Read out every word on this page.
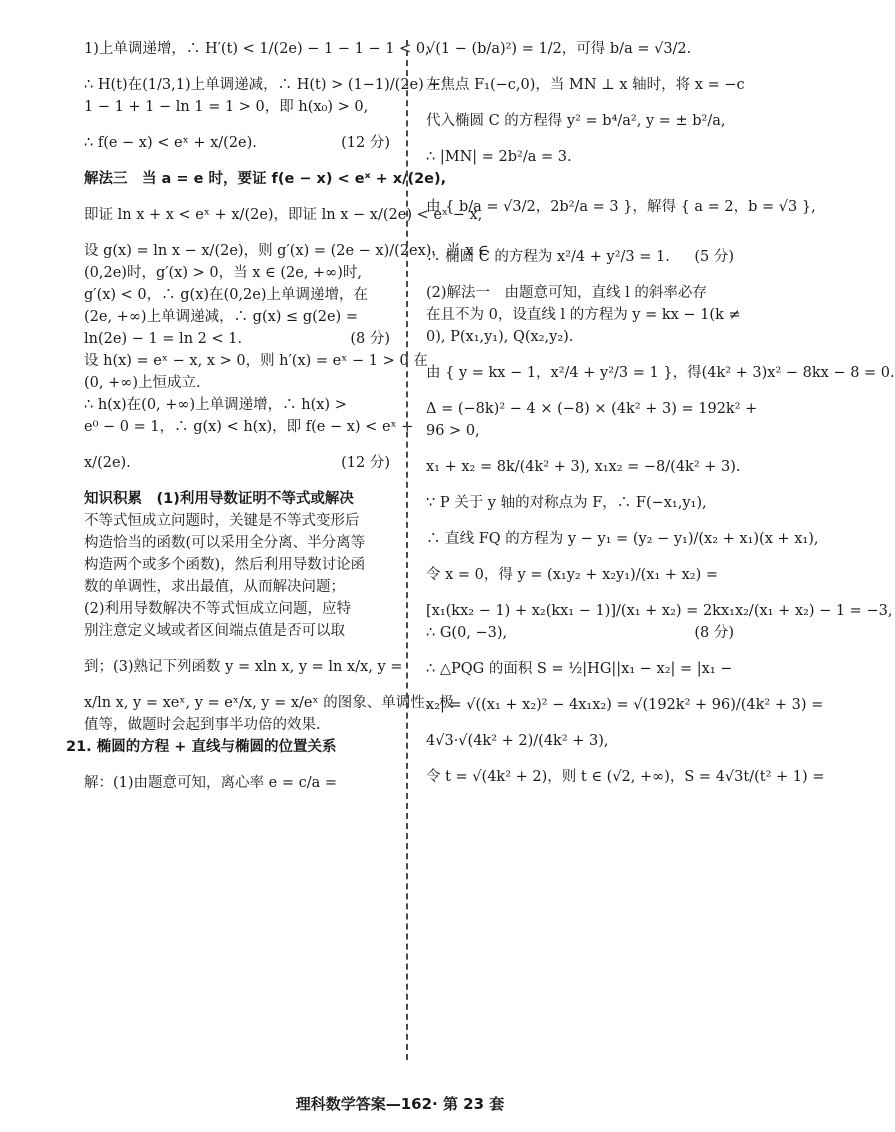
1)上单调递增，∴ H′(t) < 1/(2e) − 1 − 1 − 1 < 0,
∴ H(t)在(1/3,1)上单调递减，∴ H(t) > (1−1)/(2e) +
1 − 1 + 1 − ln 1 = 1 > 0，即 h(x₀) > 0,
(12 分)
∴ f(e − x) < eˣ + x/(2e).
解法三　当 a = e 时，要证 f(e − x) < eˣ + x/(2e),
即证 ln x + x < eˣ + x/(2e)，即证 ln x − x/(2e) < eˣ − x,
设 g(x) = ln x − x/(2e)，则 g′(x) = (2e − x)/(2ex)，当 x ∈
(0,2e)时，g′(x) > 0，当 x ∈ (2e, +∞)时,
g′(x) < 0，∴ g(x)在(0,2e)上单调递增，在
(2e, +∞)上单调递减，∴ g(x) ≤ g(2e) =
(8 分)
ln(2e) − 1 = ln 2 < 1.
设 h(x) = eˣ − x, x > 0，则 h′(x) = eˣ − 1 > 0 在
(0, +∞)上恒成立.
∴ h(x)在(0, +∞)上单调递增，∴ h(x) >
e⁰ − 0 = 1，∴ g(x) < h(x)，即 f(e − x) < eˣ +
(12 分)
x/(2e).
知识积累　(1)利用导数证明不等式或解决
不等式恒成立问题时，关键是不等式变形后
构造恰当的函数(可以采用全分离、半分离等
构造两个或多个函数)，然后利用导数讨论函
数的单调性，求出最值，从而解决问题；
(2)利用导数解决不等式恒成立问题，应特
别注意定义域或者区间端点值是否可以取
到；(3)熟记下列函数 y = xln x, y = ln x/x, y =
x/ln x, y = xeˣ, y = eˣ/x, y = x/eˣ 的图象、单调性、极
值等，做题时会起到事半功倍的效果.
21. 椭圆的方程 + 直线与椭圆的位置关系
解：(1)由题意可知，离心率 e = c/a =
√(1 − (b/a)²) = 1/2，可得 b/a = √3/2.
左焦点 F₁(−c,0)，当 MN ⊥ x 轴时，将 x = −c
代入椭圆 C 的方程得 y² = b⁴/a², y = ± b²/a,
∴ |MN| = 2b²/a = 3.
由 { b/a = √3/2，2b²/a = 3 }，解得 { a = 2，b = √3 },
(5 分)
∴ 椭圆 C 的方程为 x²/4 + y²/3 = 1.
(2)解法一　由题意可知，直线 l 的斜率必存
在且不为 0，设直线 l 的方程为 y = kx − 1(k ≠
0), P(x₁,y₁), Q(x₂,y₂).
由 { y = kx − 1，x²/4 + y²/3 = 1 }，得(4k² + 3)x² − 8kx − 8 = 0.
Δ = (−8k)² − 4 × (−8) × (4k² + 3) = 192k² +
96 > 0,
x₁ + x₂ = 8k/(4k² + 3), x₁x₂ = −8/(4k² + 3).
∵ P 关于 y 轴的对称点为 F，∴ F(−x₁,y₁),
∴ 直线 FQ 的方程为 y − y₁ = (y₂ − y₁)/(x₂ + x₁)(x + x₁),
令 x = 0，得 y = (x₁y₂ + x₂y₁)/(x₁ + x₂) =
[x₁(kx₂ − 1) + x₂(kx₁ − 1)]/(x₁ + x₂) = 2kx₁x₂/(x₁ + x₂) − 1 = −3,
(8 分)
∴ G(0, −3),
∴ △PQG 的面积 S = ½|HG||x₁ − x₂| = |x₁ −
x₂| = √((x₁ + x₂)² − 4x₁x₂) = √(192k² + 96)/(4k² + 3) =
4√3·√(4k² + 2)/(4k² + 3),
令 t = √(4k² + 2)，则 t ∈ (√2, +∞)，S = 4√3t/(t² + 1) =
理科数学答案—162· 第 23 套
